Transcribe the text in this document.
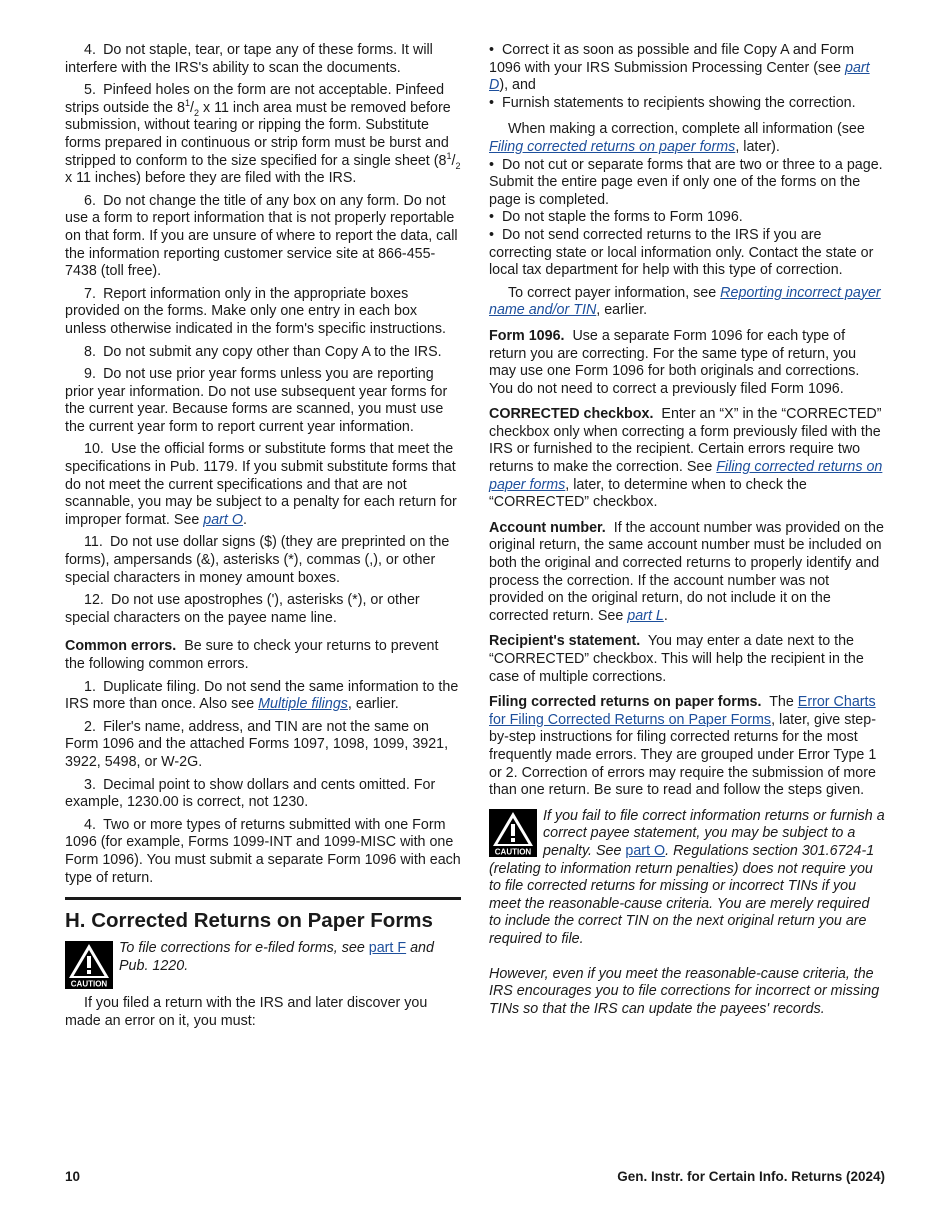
4. Do not staple, tear, or tape any of these forms. It will interfere with the IRS's ability to scan the documents.

5. Pinfeed holes on the form are not acceptable. Pinfeed strips outside the $8^1/_2$ x 11 inch area must be removed before submission, without tearing or ripping the form. Substitute forms prepared in continuous or strip form must be burst and stripped to conform to the size specified for a single sheet ($8^1/_2$ x 11 inches) before they are filed with the IRS.

6. Do not change the title of any box on any form. Do not use a form to report information that is not properly reportable on that form. If you are unsure of where to report the data, call the information reporting customer service site at 866-455-7438 (toll free).

7. Report information only in the appropriate boxes provided on the forms. Make only one entry in each box unless otherwise indicated in the form's specific instructions.

8. Do not submit any copy other than Copy A to the IRS.

9. Do not use prior year forms unless you are reporting prior year information. Do not use subsequent year forms for the current year. Because forms are scanned, you must use the current year form to report current year information.

10. Use the official forms or substitute forms that meet the specifications in Pub. 1179. If you submit substitute forms that do not meet the current specifications and that are not scannable, you may be subject to a penalty for each return for improper format. See part O.

11. Do not use dollar signs ($) (they are preprinted on the forms), ampersands (&), asterisks (*), commas (,), or other special characters in money amount boxes.

12. Do not use apostrophes ('), asterisks (*), or other special characters on the payee name line.

Common errors. Be sure to check your returns to prevent the following common errors.

1. Duplicate filing. Do not send the same information to the IRS more than once. Also see Multiple filings, earlier.

2. Filer's name, address, and TIN are not the same on Form 1096 and the attached Forms 1097, 1098, 1099, 3921, 3922, 5498, or W-2G.

3. Decimal point to show dollars and cents omitted. For example, 1230.00 is correct, not 1230.

4. Two or more types of returns submitted with one Form 1096 (for example, Forms 1099-INT and 1099-MISC with one Form 1096). You must submit a separate Form 1096 with each type of return.

H. Corrected Returns on Paper Forms
CAUTION

To file corrections for e-filed forms, see part F and Pub. 1220.

If you filed a return with the IRS and later discover you made an error on it, you must:

• Correct it as soon as possible and file Copy A and Form 1096 with your IRS Submission Processing Center (see part D), and

• Furnish statements to recipients showing the correction.

When making a correction, complete all information (see Filing corrected returns on paper forms, later).

• Do not cut or separate forms that are two or three to a page. Submit the entire page even if only one of the forms on the page is completed.

• Do not staple the forms to Form 1096.

• Do not send corrected returns to the IRS if you are correcting state or local information only. Contact the state or local tax department for help with this type of correction.

To correct payer information, see Reporting incorrect payer name and/or TIN, earlier.

Form 1096. Use a separate Form 1096 for each type of return you are correcting. For the same type of return, you may use one Form 1096 for both originals and corrections. You do not need to correct a previously filed Form 1096.

CORRECTED checkbox. Enter an “X” in the “CORRECTED” checkbox only when correcting a form previously filed with the IRS or furnished to the recipient. Certain errors require two returns to make the correction. See Filing corrected returns on paper forms, later, to determine when to check the “CORRECTED” checkbox.

Account number. If the account number was provided on the original return, the same account number must be included on both the original and corrected returns to properly identify and process the correction. If the account number was not provided on the original return, do not include it on the corrected return. See part L.

Recipient's statement. You may enter a date next to the “CORRECTED” checkbox. This will help the recipient in the case of multiple corrections.

Filing corrected returns on paper forms. The Error Charts for Filing Corrected Returns on Paper Forms, later, give step-by-step instructions for filing corrected returns for the most frequently made errors. They are grouped under Error Type 1 or 2. Correction of errors may require the submission of more than one return. Be sure to read and follow the steps given.

CAUTION

If you fail to file correct information returns or furnish a correct payee statement, you may be subject to a penalty. See part O. Regulations section 301.6724-1 (relating to information return penalties) does not require you to file corrected returns for missing or incorrect TINs if you meet the reasonable-cause criteria. You are merely required to include the correct TIN on the next original return you are required to file.

However, even if you meet the reasonable-cause criteria, the IRS encourages you to file corrections for incorrect or missing TINs so that the IRS can update the payees' records.

10	Gen. Instr. for Certain Info. Returns (2024)
